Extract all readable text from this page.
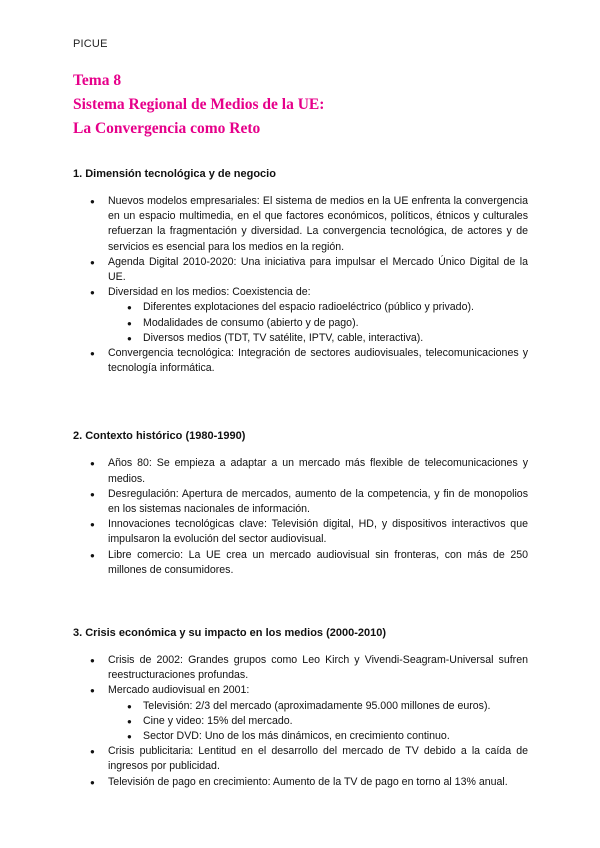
PICUE
Tema 8
Sistema Regional de Medios de la UE:
La Convergencia como Reto
1. Dimensión tecnológica y de negocio
● Nuevos modelos empresariales: El sistema de medios en la UE enfrenta la convergencia en un espacio multimedia, en el que factores económicos, políticos, étnicos y culturales refuerzan la fragmentación y diversidad. La convergencia tecnológica, de actores y de servicios es esencial para los medios en la región.
● Agenda Digital 2010-2020: Una iniciativa para impulsar el Mercado Único Digital de la UE.
● Diversidad en los medios: Coexistencia de:
● Diferentes explotaciones del espacio radioeléctrico (público y privado).
● Modalidades de consumo (abierto y de pago).
● Diversos medios (TDT, TV satélite, IPTV, cable, interactiva).
● Convergencia tecnológica: Integración de sectores audiovisuales, telecomunicaciones y tecnología informática.
2. Contexto histórico (1980-1990)
● Años 80: Se empieza a adaptar a un mercado más flexible de telecomunicaciones y medios.
● Desregulación: Apertura de mercados, aumento de la competencia, y fin de monopolios en los sistemas nacionales de información.
● Innovaciones tecnológicas clave: Televisión digital, HD, y dispositivos interactivos que impulsaron la evolución del sector audiovisual.
● Libre comercio: La UE crea un mercado audiovisual sin fronteras, con más de 250 millones de consumidores.
3. Crisis económica y su impacto en los medios (2000-2010)
● Crisis de 2002: Grandes grupos como Leo Kirch y Vivendi-Seagram-Universal sufren reestructuraciones profundas.
● Mercado audiovisual en 2001:
● Televisión: 2/3 del mercado (aproximadamente 95.000 millones de euros).
● Cine y video: 15% del mercado.
● Sector DVD: Uno de los más dinámicos, en crecimiento continuo.
● Crisis publicitaria: Lentitud en el desarrollo del mercado de TV debido a la caída de ingresos por publicidad.
● Televisión de pago en crecimiento: Aumento de la TV de pago en torno al 13% anual.
